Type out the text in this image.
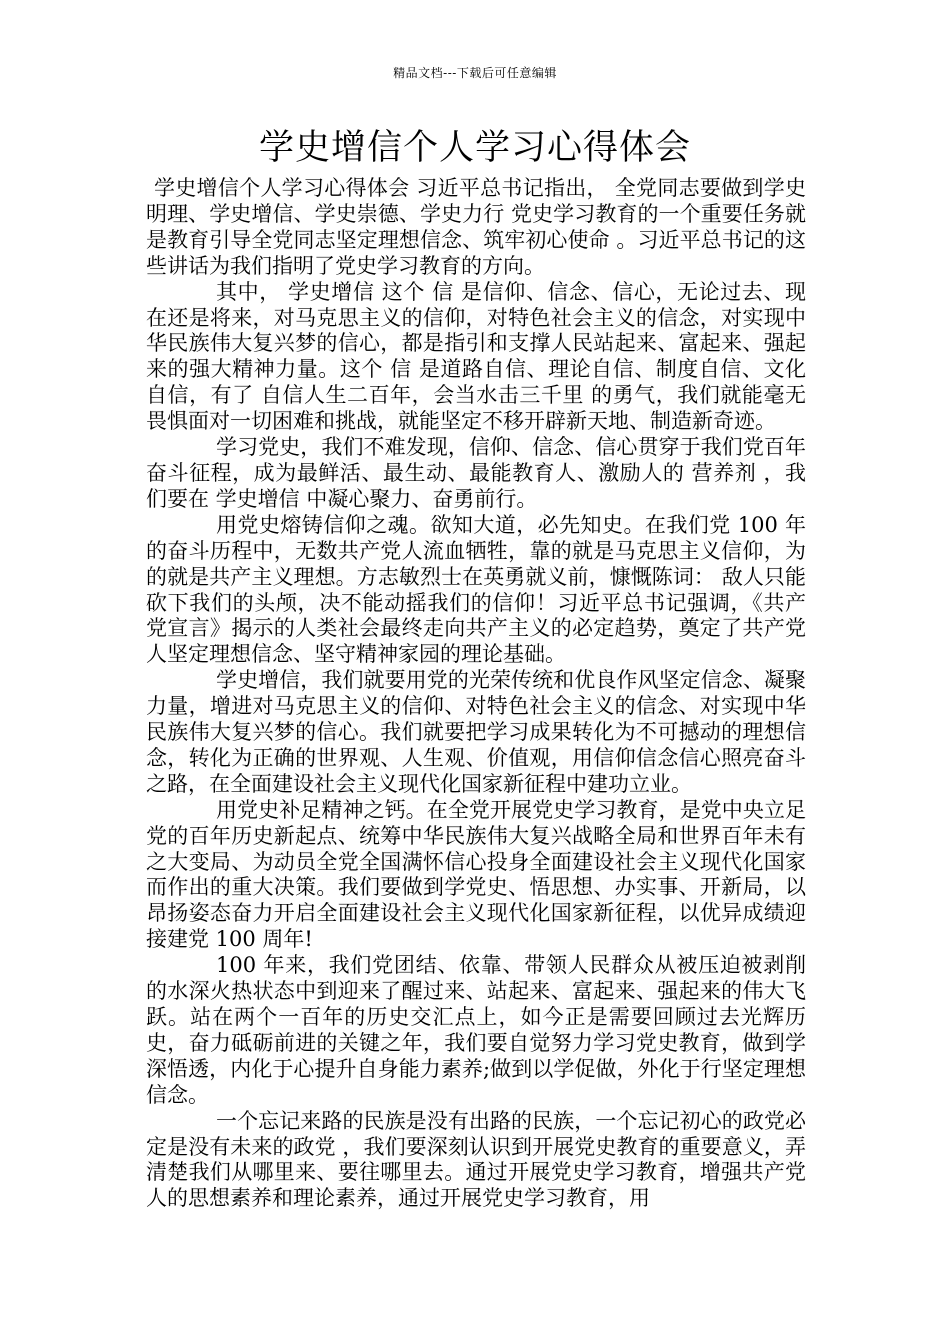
精品文档---下载后可任意编辑
学史增信个人学习心得体会

学史增信个人学习心得体会 习近平总书记指出， 全党同志要做到学史明理、学史增信、学史崇德、学史力行 党史学习教育的一个重要任务就是教育引导全党同志坚定理想信念、筑牢初心使命 。习近平总书记的这些讲话为我们指明了党史学习教育的方向。

其中， 学史增信 这个 信 是信仰、信念、信心，无论过去、现在还是将来，对马克思主义的信仰，对特色社会主义的信念，对实现中华民族伟大复兴梦的信心，都是指引和支撑人民站起来、富起来、强起来的强大精神力量。这个 信 是道路自信、理论自信、制度自信、文化自信，有了 自信人生二百年，会当水击三千里 的勇气，我们就能毫无畏惧面对一切困难和挑战，就能坚定不移开辟新天地、制造新奇迹。

学习党史，我们不难发现，信仰、信念、信心贯穿于我们党百年奋斗征程，成为最鲜活、最生动、最能教育人、激励人的 营养剂 ，我们要在 学史增信 中凝心聚力、奋勇前行。

用党史熔铸信仰之魂。欲知大道，必先知史。在我们党 100 年的奋斗历程中，无数共产党人流血牺牲，靠的就是马克思主义信仰，为的就是共产主义理想。方志敏烈士在英勇就义前，慷慨陈词： 敌人只能砍下我们的头颅，决不能动摇我们的信仰！习近平总书记强调，《共产党宣言》揭示的人类社会最终走向共产主义的必定趋势，奠定了共产党人坚定理想信念、坚守精神家园的理论基础。

学史增信，我们就要用党的光荣传统和优良作风坚定信念、凝聚力量，增进对马克思主义的信仰、对特色社会主义的信念、对实现中华民族伟大复兴梦的信心。我们就要把学习成果转化为不可撼动的理想信念，转化为正确的世界观、人生观、价值观，用信仰信念信心照亮奋斗之路，在全面建设社会主义现代化国家新征程中建功立业。

用党史补足精神之钙。在全党开展党史学习教育，是党中央立足党的百年历史新起点、统筹中华民族伟大复兴战略全局和世界百年未有之大变局、为动员全党全国满怀信心投身全面建设社会主义现代化国家而作出的重大决策。我们要做到学党史、悟思想、办实事、开新局，以昂扬姿态奋力开启全面建设社会主义现代化国家新征程，以优异成绩迎接建党 100 周年!

100 年来，我们党团结、依靠、带领人民群众从被压迫被剥削的水深火热状态中到迎来了醒过来、站起来、富起来、强起来的伟大飞跃。站在两个一百年的历史交汇点上，如今正是需要回顾过去光辉历史，奋力砥砺前进的关键之年，我们要自觉努力学习党史教育，做到学深悟透，内化于心提升自身能力素养;做到以学促做，外化于行坚定理想信念。

一个忘记来路的民族是没有出路的民族，一个忘记初心的政党必定是没有未来的政党 ，我们要深刻认识到开展党史教育的重要意义，弄清楚我们从哪里来、要往哪里去。通过开展党史学习教育，增强共产党人的思想素养和理论素养，通过开展党史学习教育，用
